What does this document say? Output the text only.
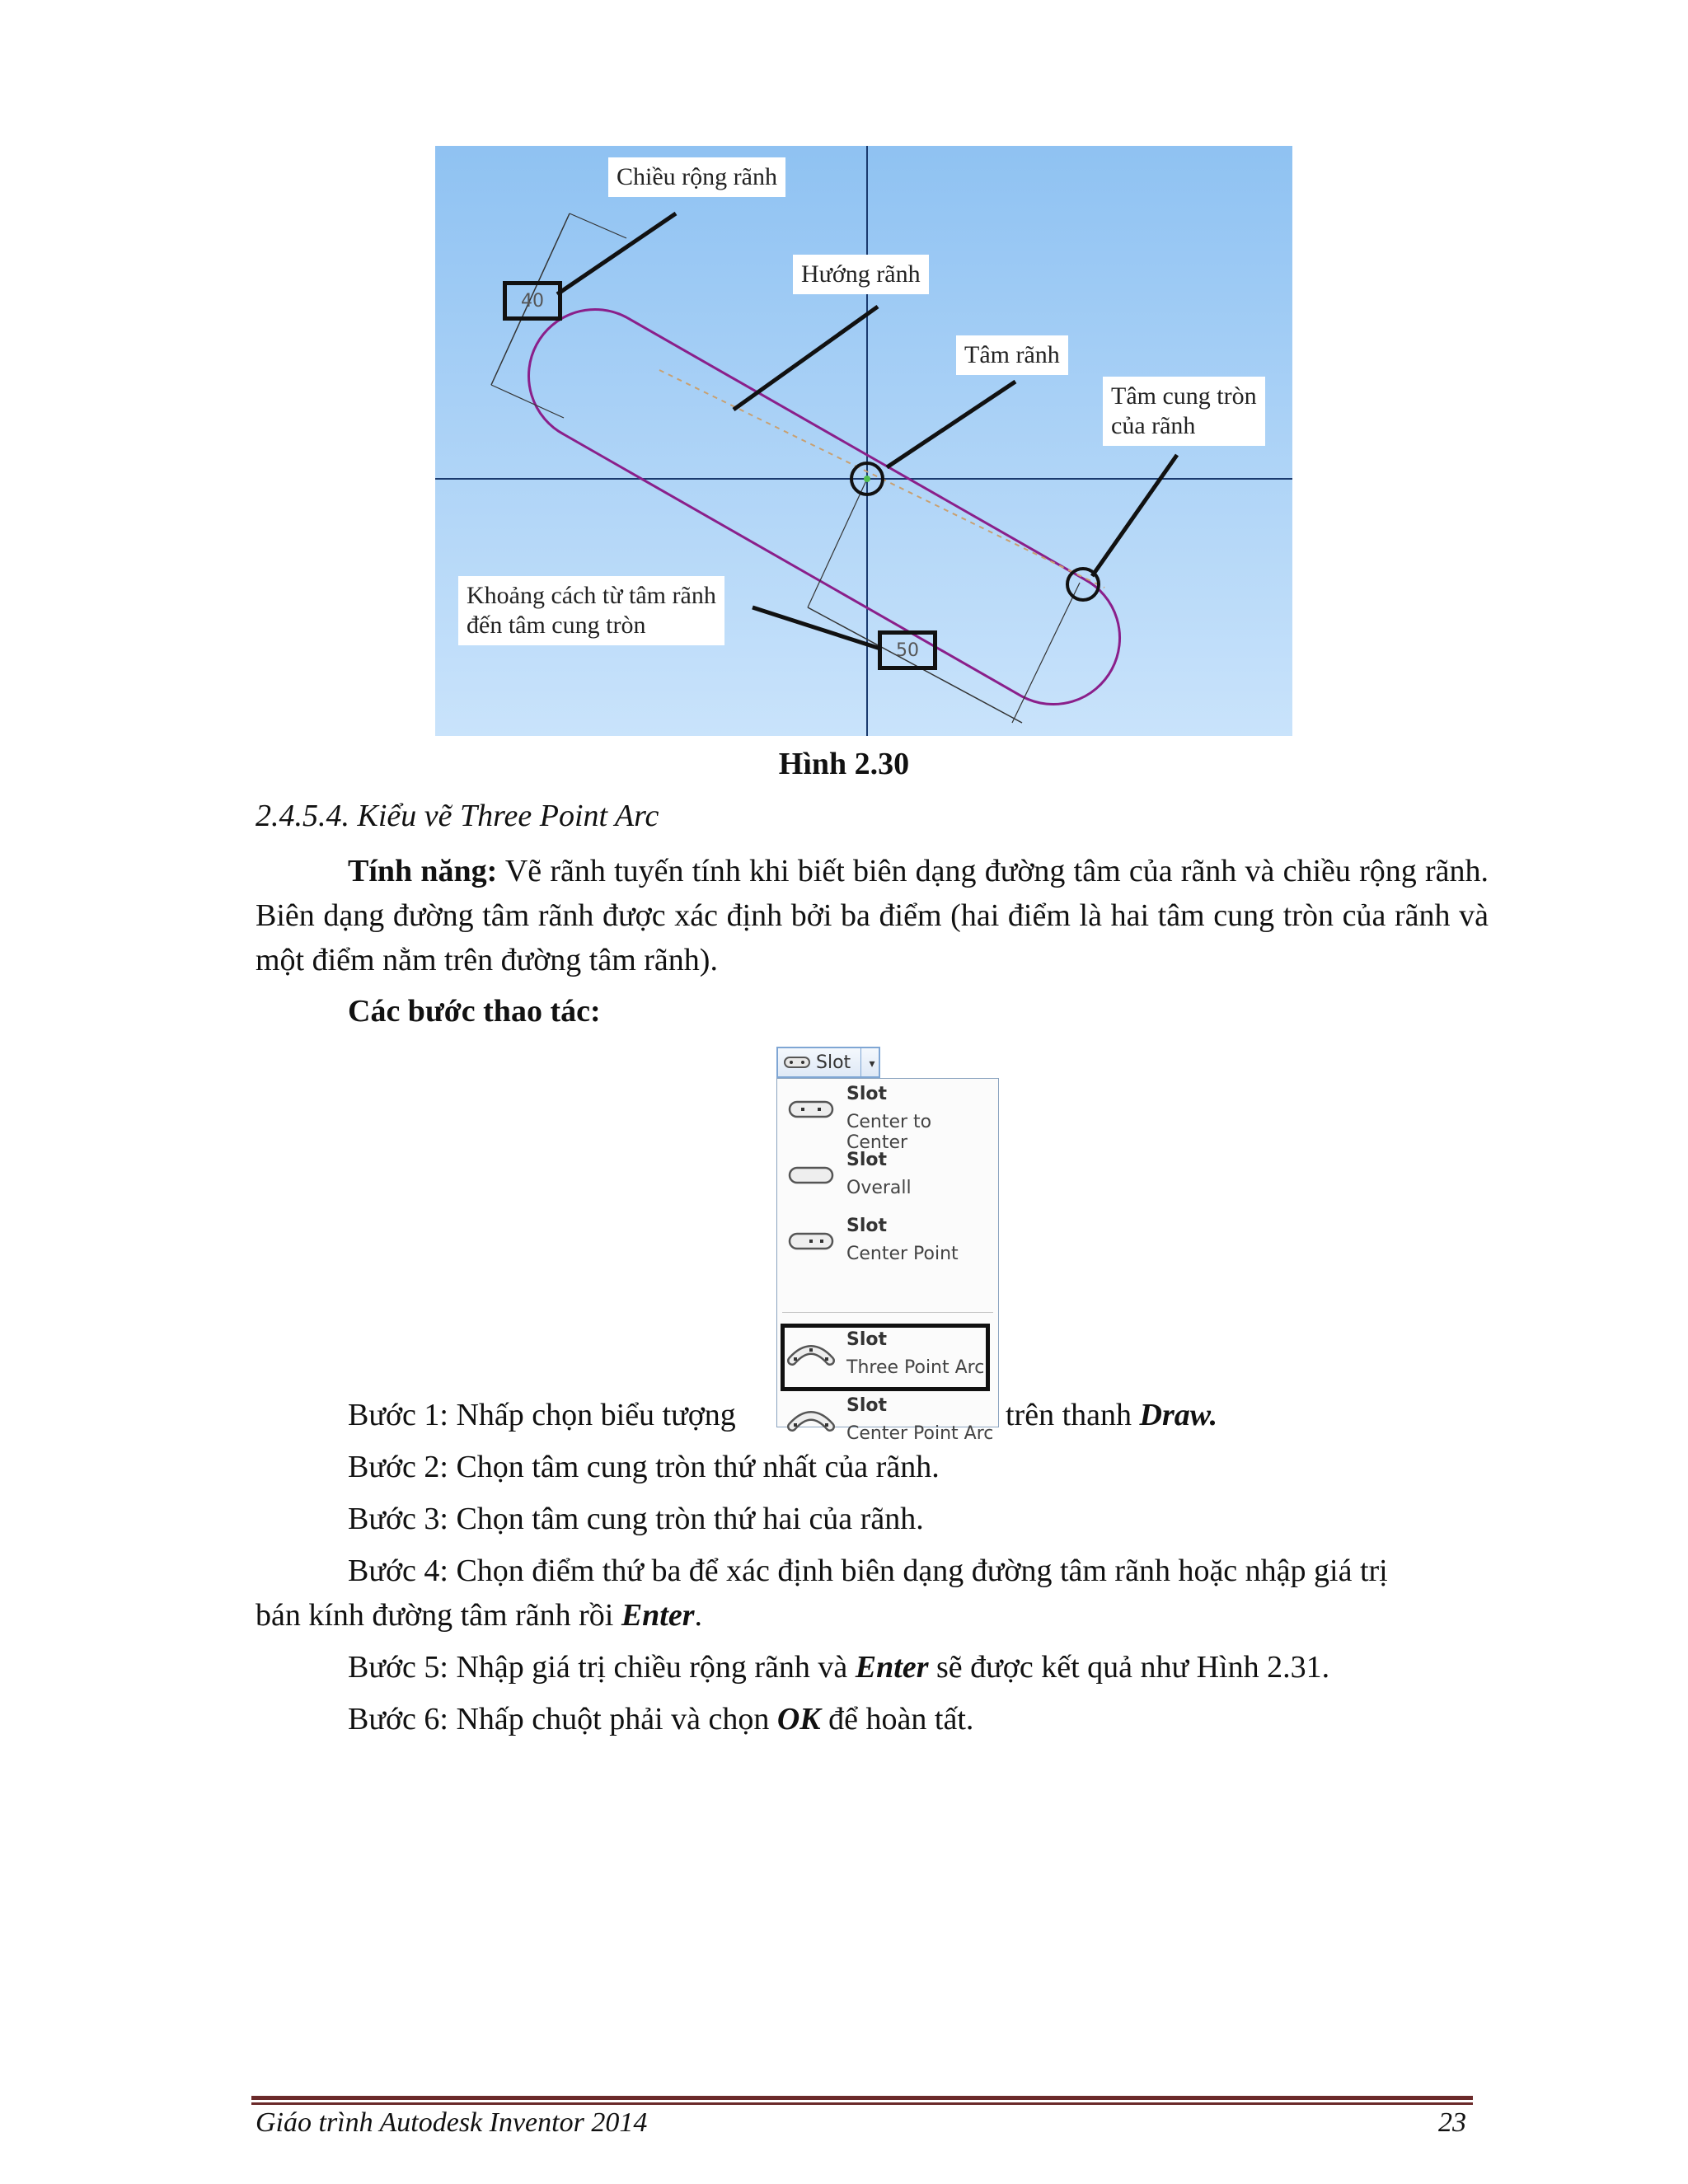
Chiều rộng rãnh
Hướng rãnh
Tâm rãnh
Tâm cung tròn
của rãnh
Khoảng cách từ tâm rãnh
đến tâm cung tròn
40
50
Hình 2.30
2.4.5.4. Kiểu vẽ Three Point Arc
Tính năng: Vẽ rãnh tuyến tính khi biết biên dạng đường tâm của rãnh và chiều rộng rãnh. Biên dạng đường tâm rãnh được xác định bởi ba điểm (hai điểm là hai tâm cung tròn của rãnh và một điểm nằm trên đường tâm rãnh).
Các bước thao tác:
Slot	▾
Slot
Center to Center
Slot
Overall
Slot
Center Point
Slot
Three Point Arc
Slot
Center Point Arc
Bước 1: Nhấp chọn biểu tượng	trên thanh Draw.
Bước 2: Chọn tâm cung tròn thứ nhất của rãnh.
Bước 3: Chọn tâm cung tròn thứ hai của rãnh.
Bước 4: Chọn điểm thứ ba để xác định biên dạng đường tâm rãnh hoặc nhập giá trị
bán kính đường tâm rãnh rồi Enter.
Bước 5: Nhập giá trị chiều rộng rãnh và Enter sẽ được kết quả như Hình 2.31.
Bước 6: Nhấp chuột phải và chọn OK để hoàn tất.
Giáo trình Autodesk Inventor 2014	23
